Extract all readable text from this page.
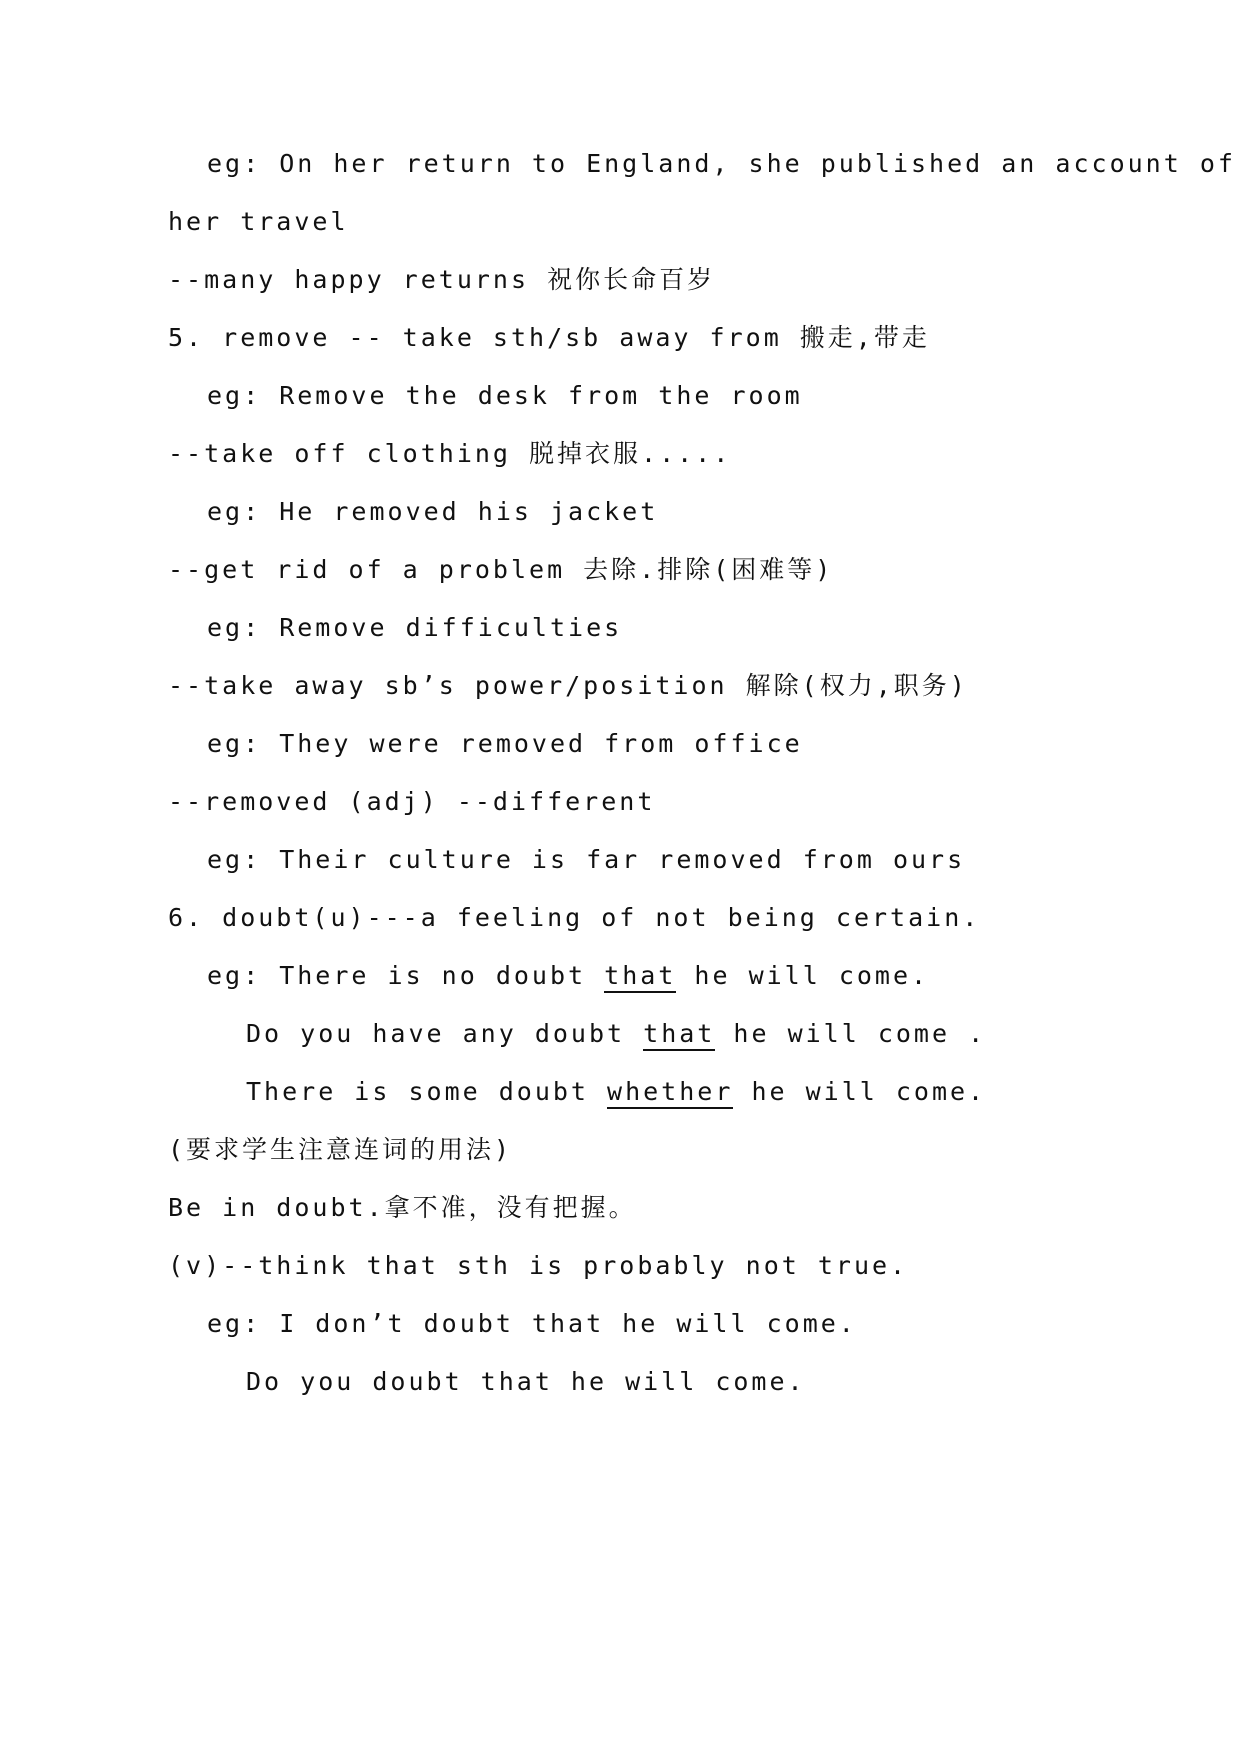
eg: On her return to England, she published an account of
her travel
--many happy returns 祝你长命百岁
5. remove -- take sth/sb away from 搬走,带走
eg: Remove the desk from the room
--take off clothing 脱掉衣服.....
eg: He removed his jacket
--get rid of a problem 去除.排除(困难等)
eg: Remove difficulties
--take away sb’s power/position 解除(权力,职务)
eg: They were removed from office
--removed (adj) --different
eg: Their culture is far removed from ours
6. doubt(u)---a feeling of not being certain.
eg: There is no doubt that he will come.
Do you have any doubt that he will come .
There is some doubt whether he will come.
(要求学生注意连词的用法)
Be in doubt.拿不准，没有把握。
(v)--think that sth is probably not true.
eg: I don’t doubt that he will come.
Do you doubt that he will come.
